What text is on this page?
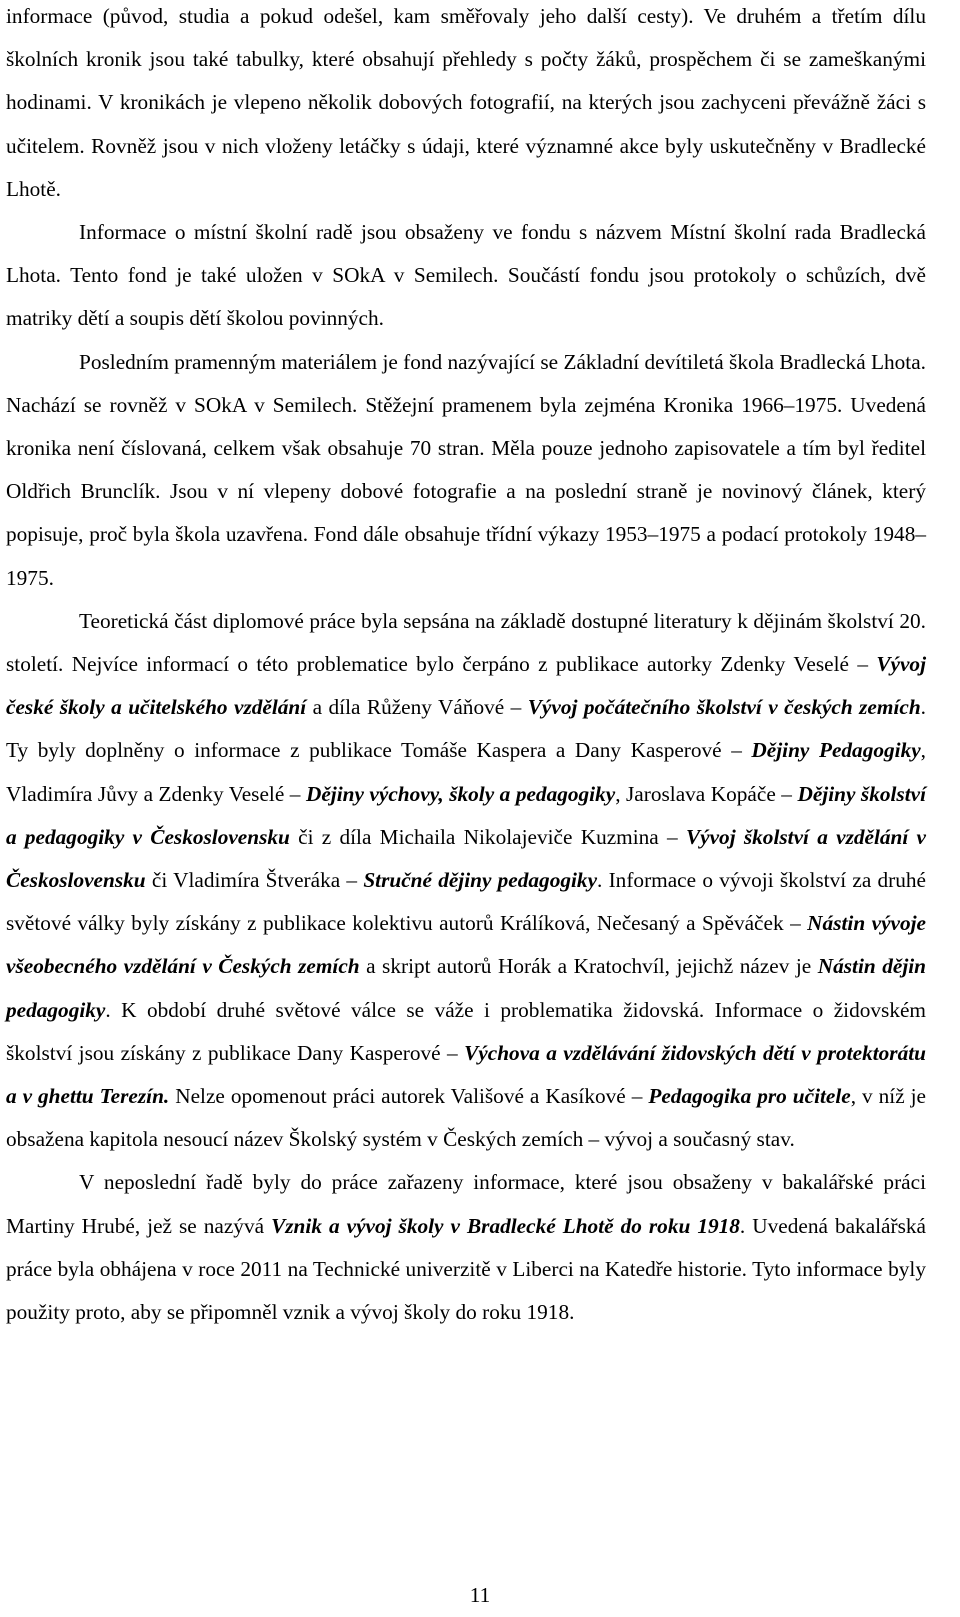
informace (původ, studia a pokud odešel, kam směřovaly jeho další cesty). Ve druhém a třetím dílu školních kronik jsou také tabulky, které obsahují přehledy s počty žáků, prospěchem či se zameškanými hodinami. V kronikách je vlepeno několik dobových fotografií, na kterých jsou zachyceni převážně žáci s učitelem. Rovněž jsou v nich vloženy letáčky s údaji, které významné akce byly uskutečněny v Bradlecké Lhotě.

Informace o místní školní radě jsou obsaženy ve fondu s názvem Místní školní rada Bradlecká Lhota. Tento fond je také uložen v SOkA v Semilech. Součástí fondu jsou protokoly o schůzích, dvě matriky dětí a soupis dětí školou povinných.

Posledním pramenným materiálem je fond nazývající se Základní devítiletá škola Bradlecká Lhota. Nachází se rovněž v SOkA v Semilech. Stěžejní pramenem byla zejména Kronika 1966–1975. Uvedená kronika není číslovaná, celkem však obsahuje 70 stran. Měla pouze jednoho zapisovatele a tím byl ředitel Oldřich Brunclík. Jsou v ní vlepeny dobové fotografie a na poslední straně je novinový článek, který popisuje, proč byla škola uzavřena. Fond dále obsahuje třídní výkazy 1953–1975 a podací protokoly 1948–1975.

Teoretická část diplomové práce byla sepsána na základě dostupné literatury k dějinám školství 20. století. Nejvíce informací o této problematice bylo čerpáno z publikace autorky Zdenky Veselé – Vývoj české školy a učitelského vzdělání a díla Růženy Váňové – Vývoj počátečního školství v českých zemích. Ty byly doplněny o informace z publikace Tomáše Kaspera a Dany Kasperové – Dějiny Pedagogiky, Vladimíra Jůvy a Zdenky Veselé – Dějiny výchovy, školy a pedagogiky, Jaroslava Kopáče – Dějiny školství a pedagogiky v Československu či z díla Michaila Nikolajeviče Kuzmina – Vývoj školství a vzdělání v Československu či Vladimíra Štveráka – Stručné dějiny pedagogiky. Informace o vývoji školství za druhé světové války byly získány z publikace kolektivu autorů Králíková, Nečesaný a Spěváček – Nástin vývoje všeobecného vzdělání v Českých zemích a skript autorů Horák a Kratochvíl, jejichž název je Nástin dějin pedagogiky. K období druhé světové válce se váže i problematika židovská. Informace o židovském školství jsou získány z publikace Dany Kasperové – Výchova a vzdělávání židovských dětí v protektorátu a v ghettu Terezín. Nelze opomenout práci autorek Vališové a Kasíkové – Pedagogika pro učitele, v níž je obsažena kapitola nesoucí název Školský systém v Českých zemích – vývoj a současný stav.

V neposlední řadě byly do práce zařazeny informace, které jsou obsaženy v bakalářské práci Martiny Hrubé, jež se nazývá Vznik a vývoj školy v Bradlecké Lhotě do roku 1918. Uvedená bakalářská práce byla obhájena v roce 2011 na Technické univerzitě v Liberci na Katedře historie. Tyto informace byly použity proto, aby se připomněl vznik a vývoj školy do roku 1918.

11
